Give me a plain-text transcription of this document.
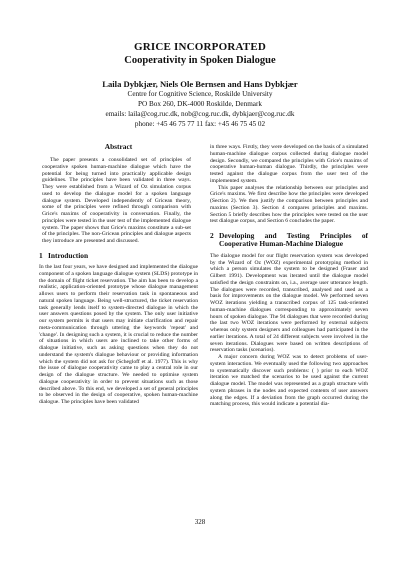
GRICE INCORPORATED
Cooperativity in Spoken Dialogue
Laila Dybkjær, Niels Ole Bernsen and Hans Dybkjær
Centre for Cognitive Science, Roskilde University
PO Box 260, DK-4000 Roskilde, Denmark
emails: laila@cog.ruc.dk, nob@cog.ruc.dk, dybkjaer@cog.ruc.dk
phone: +45 46 75 77 11 fax: +45 46 75 45 02
Abstract

The paper presents a consolidated set of principles of cooperative spoken human-machine dialogue which have the potential for being turned into practically applicable design guidelines. The principles have been validated in three ways. They were established from a Wizard of Oz simulation corpus used to develop the dialogue model for a spoken language dialogue system. Developed independently of Gricean theory, some of the principles were refined through comparison with Grice's maxims of cooperativity in conversation. Finally, the principles were tested in the user test of the implemented dialogue system. The paper shows that Grice's maxims constitute a sub-set of the principles. The non-Gricean principles and dialogue aspects they introduce are presented and discussed.

1 Introduction

In the last four years, we have designed and implemented the dialogue component of a spoken language dialogue system (SLDS) prototype in the domain of flight ticket reservation. The aim has been to develop a realistic, application-oriented prototype whose dialogue management allows users to perform their reservation task in spontaneous and natural spoken language. Being well-structured, the ticket reservation task generally lends itself to system-directed dialogue in which the user answers questions posed by the system. The only user initiative our system permits is that users may initiate clarification and repair meta-communication through uttering the keywords 'repeat' and 'change'. In designing such a system, it is crucial to reduce the number of situations in which users are inclined to take other forms of dialogue initiative, such as asking questions when they do not understand the system's dialogue behaviour or providing information which the system did not ask for (Schegloff et al. 1977). This is why the issue of dialogue cooperativity came to play a central role in our design of the dialogue structure. We needed to optimise system dialogue cooperativity in order to prevent situations such as those described above. To this end, we developed a set of general principles to be observed in the design of cooperative, spoken human-machine dialogue. The principles have been validated

in three ways. Firstly, they were developed on the basis of a simulated human-machine dialogue corpus collected during dialogue model design. Secondly, we compared the principles with Grice's maxims of cooperative human-human dialogue. Thirdly, the principles were tested against the dialogue corpus from the user test of the implemented system.

This paper analyses the relationship between our principles and Grice's maxims. We first describe how the principles were developed (Section 2). We then justify the comparison between principles and maxims (Section 3). Section 4 compares principles and maxims. Section 5 briefly describes how the principles were tested on the user test dialogue corpus, and Section 6 concludes the paper.

2 Developing and Testing Principles of Cooperative Human-Machine Dialogue

The dialogue model for our flight reservation system was developed by the Wizard of Oz (WOZ) experimental prototyping method in which a person simulates the system to be designed (Fraser and Gilbert 1991). Development was iterated until the dialogue model satisfied the design constraints on, i.a., average user utterance length. The dialogues were recorded, transcribed, analysed and used as a basis for improvements on the dialogue model. We performed seven WOZ iterations yielding a transcribed corpus of 125 task-oriented human-machine dialogues corresponding to approximately seven hours of spoken dialogue. The 94 dialogues that were recorded during the last two WOZ iterations were performed by external subjects whereas only system designers and colleagues had participated in the earlier iterations. A total of 24 different subjects were involved in the seven iterations. Dialogues were based on written descriptions of reservation tasks (scenarios).

A major concern during WOZ was to detect problems of user-system interaction. We eventually used the following two approaches to systematically discover such problems: ( ) prior to each WOZ iteration we matched the scenarios to be used against the current dialogue model. The model was represented as a graph structure with system phrases in the nodes and expected contents of user answers along the edges. If a deviation from the graph occurred during the matching process, this would indicate a potential dia-

328
